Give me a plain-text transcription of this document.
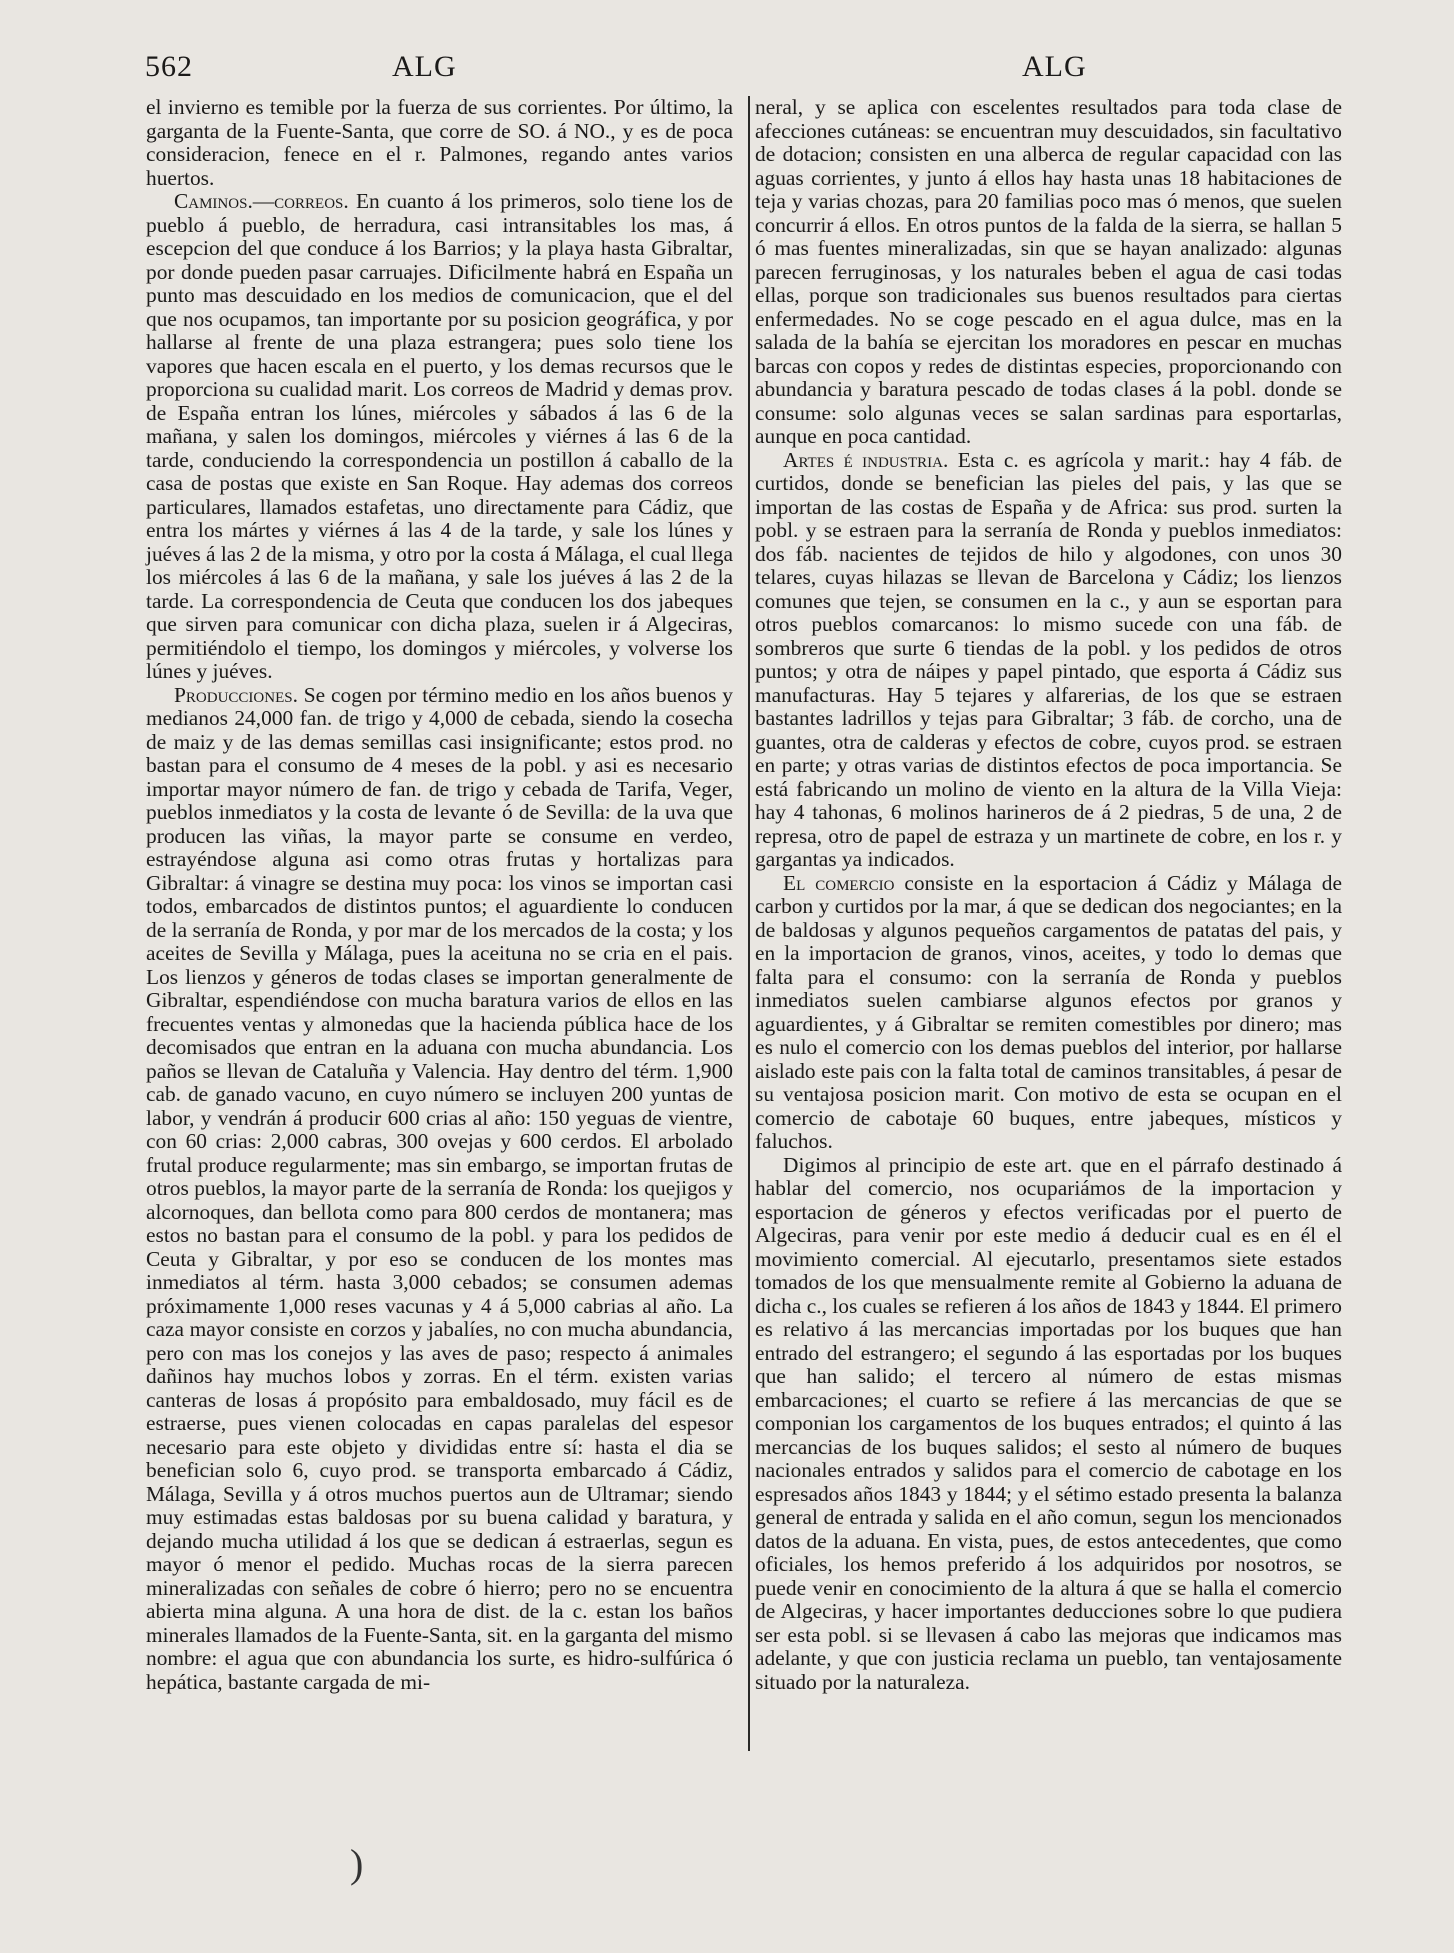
562	ALG	ALG

el invierno es temible por la fuerza de sus corrientes. Por último, la garganta de la Fuente-Santa, que corre de SO. á NO., y es de poca consideracion, fenece en el r. Palmones, regando antes varios huertos.

Caminos.—correos. En cuanto á los primeros, solo tiene los de pueblo á pueblo, de herradura, casi intransitables los mas, á escepcion del que conduce á los Barrios; y la playa hasta Gibraltar, por donde pueden pasar carruajes. Dificilmente habrá en España un punto mas descuidado en los medios de comunicacion, que el del que nos ocupamos, tan importante por su posicion geográfica, y por hallarse al frente de una plaza estrangera; pues solo tiene los vapores que hacen escala en el puerto, y los demas recursos que le proporciona su cualidad marit. Los correos de Madrid y demas prov. de España entran los lúnes, miércoles y sábados á las 6 de la mañana, y salen los domingos, miércoles y viérnes á las 6 de la tarde, conduciendo la correspondencia un postillon á caballo de la casa de postas que existe en San Roque. Hay ademas dos correos particulares, llamados estafetas, uno directamente para Cádiz, que entra los mártes y viérnes á las 4 de la tarde, y sale los lúnes y juéves á las 2 de la misma, y otro por la costa á Málaga, el cual llega los miércoles á las 6 de la mañana, y sale los juéves á las 2 de la tarde. La correspondencia de Ceuta que conducen los dos jabeques que sirven para comunicar con dicha plaza, suelen ir á Algeciras, permitiéndolo el tiempo, los domingos y miércoles, y volverse los lúnes y juéves.

Producciones. Se cogen por término medio en los años buenos y medianos 24,000 fan. de trigo y 4,000 de cebada, siendo la cosecha de maiz y de las demas semillas casi insignificante; estos prod. no bastan para el consumo de 4 meses de la pobl. y asi es necesario importar mayor número de fan. de trigo y cebada de Tarifa, Veger, pueblos inmediatos y la costa de levante ó de Sevilla: de la uva que producen las viñas, la mayor parte se consume en verdeo, estrayéndose alguna asi como otras frutas y hortalizas para Gibraltar: á vinagre se destina muy poca: los vinos se importan casi todos, embarcados de distintos puntos; el aguardiente lo conducen de la serranía de Ronda, y por mar de los mercados de la costa; y los aceites de Sevilla y Málaga, pues la aceituna no se cria en el pais. Los lienzos y géneros de todas clases se importan generalmente de Gibraltar, espendiéndose con mucha baratura varios de ellos en las frecuentes ventas y almonedas que la hacienda pública hace de los decomisados que entran en la aduana con mucha abundancia. Los paños se llevan de Cataluña y Valencia. Hay dentro del térm. 1,900 cab. de ganado vacuno, en cuyo número se incluyen 200 yuntas de labor, y vendrán á producir 600 crias al año: 150 yeguas de vientre, con 60 crias: 2,000 cabras, 300 ovejas y 600 cerdos. El arbolado frutal produce regularmente; mas sin embargo, se importan frutas de otros pueblos, la mayor parte de la serranía de Ronda: los quejigos y alcornoques, dan bellota como para 800 cerdos de montanera; mas estos no bastan para el consumo de la pobl. y para los pedidos de Ceuta y Gibraltar, y por eso se conducen de los montes mas inmediatos al térm. hasta 3,000 cebados; se consumen ademas próximamente 1,000 reses vacunas y 4 á 5,000 cabrias al año. La caza mayor consiste en corzos y jabalíes, no con mucha abundancia, pero con mas los conejos y las aves de paso; respecto á animales dañinos hay muchos lobos y zorras. En el térm. existen varias canteras de losas á propósito para embaldosado, muy fácil es de estraerse, pues vienen colocadas en capas paralelas del espesor necesario para este objeto y divididas entre sí: hasta el dia se benefician solo 6, cuyo prod. se transporta embarcado á Cádiz, Málaga, Sevilla y á otros muchos puertos aun de Ultramar; siendo muy estimadas estas baldosas por su buena calidad y baratura, y dejando mucha utilidad á los que se dedican á estraerlas, segun es mayor ó menor el pedido. Muchas rocas de la sierra parecen mineralizadas con señales de cobre ó hierro; pero no se encuentra abierta mina alguna. A una hora de dist. de la c. estan los baños minerales llamados de la Fuente-Santa, sit. en la garganta del mismo nombre: el agua que con abundancia los surte, es hidro-sulfúrica ó hepática, bastante cargada de mi-

neral, y se aplica con escelentes resultados para toda clase de afecciones cutáneas: se encuentran muy descuidados, sin facultativo de dotacion; consisten en una alberca de regular capacidad con las aguas corrientes, y junto á ellos hay hasta unas 18 habitaciones de teja y varias chozas, para 20 familias poco mas ó menos, que suelen concurrir á ellos. En otros puntos de la falda de la sierra, se hallan 5 ó mas fuentes mineralizadas, sin que se hayan analizado: algunas parecen ferruginosas, y los naturales beben el agua de casi todas ellas, porque son tradicionales sus buenos resultados para ciertas enfermedades. No se coge pescado en el agua dulce, mas en la salada de la bahía se ejercitan los moradores en pescar en muchas barcas con copos y redes de distintas especies, proporcionando con abundancia y baratura pescado de todas clases á la pobl. donde se consume: solo algunas veces se salan sardinas para esportarlas, aunque en poca cantidad.

Artes é industria. Esta c. es agrícola y marit.: hay 4 fáb. de curtidos, donde se benefician las pieles del pais, y las que se importan de las costas de España y de Africa: sus prod. surten la pobl. y se estraen para la serranía de Ronda y pueblos inmediatos: dos fáb. nacientes de tejidos de hilo y algodones, con unos 30 telares, cuyas hilazas se llevan de Barcelona y Cádiz; los lienzos comunes que tejen, se consumen en la c., y aun se esportan para otros pueblos comarcanos: lo mismo sucede con una fáb. de sombreros que surte 6 tiendas de la pobl. y los pedidos de otros puntos; y otra de náipes y papel pintado, que esporta á Cádiz sus manufacturas. Hay 5 tejares y alfarerias, de los que se estraen bastantes ladrillos y tejas para Gibraltar; 3 fáb. de corcho, una de guantes, otra de calderas y efectos de cobre, cuyos prod. se estraen en parte; y otras varias de distintos efectos de poca importancia. Se está fabricando un molino de viento en la altura de la Villa Vieja: hay 4 tahonas, 6 molinos harineros de á 2 piedras, 5 de una, 2 de represa, otro de papel de estraza y un martinete de cobre, en los r. y gargantas ya indicados.

El comercio consiste en la esportacion á Cádiz y Málaga de carbon y curtidos por la mar, á que se dedican dos negociantes; en la de baldosas y algunos pequeños cargamentos de patatas del pais, y en la importacion de granos, vinos, aceites, y todo lo demas que falta para el consumo: con la serranía de Ronda y pueblos inmediatos suelen cambiarse algunos efectos por granos y aguardientes, y á Gibraltar se remiten comestibles por dinero; mas es nulo el comercio con los demas pueblos del interior, por hallarse aislado este pais con la falta total de caminos transitables, á pesar de su ventajosa posicion marit. Con motivo de esta se ocupan en el comercio de cabotaje 60 buques, entre jabeques, místicos y faluchos.

Digimos al principio de este art. que en el párrafo destinado á hablar del comercio, nos ocupariámos de la importacion y esportacion de géneros y efectos verificadas por el puerto de Algeciras, para venir por este medio á deducir cual es en él el movimiento comercial. Al ejecutarlo, presentamos siete estados tomados de los que mensualmente remite al Gobierno la aduana de dicha c., los cuales se refieren á los años de 1843 y 1844. El primero es relativo á las mercancias importadas por los buques que han entrado del estrangero; el segundo á las esportadas por los buques que han salido; el tercero al número de estas mismas embarcaciones; el cuarto se refiere á las mercancias de que se componian los cargamentos de los buques entrados; el quinto á las mercancias de los buques salidos; el sesto al número de buques nacionales entrados y salidos para el comercio de cabotage en los espresados años 1843 y 1844; y el sétimo estado presenta la balanza general de entrada y salida en el año comun, segun los mencionados datos de la aduana. En vista, pues, de estos antecedentes, que como oficiales, los hemos preferido á los adquiridos por nosotros, se puede venir en conocimiento de la altura á que se halla el comercio de Algeciras, y hacer importantes deducciones sobre lo que pudiera ser esta pobl. si se llevasen á cabo las mejoras que indicamos mas adelante, y que con justicia reclama un pueblo, tan ventajosamente situado por la naturaleza.

)
